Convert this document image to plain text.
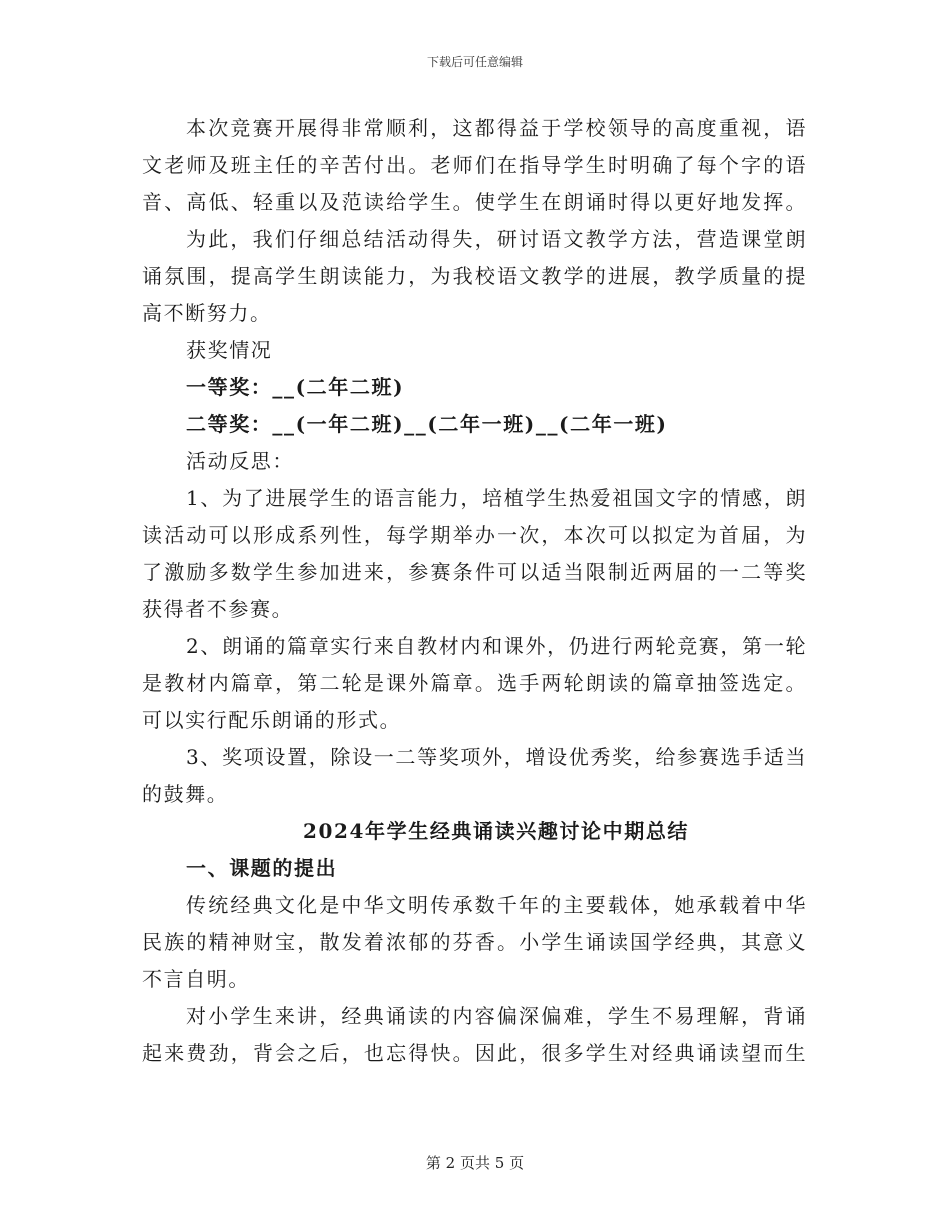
下载后可任意编辑
本次竞赛开展得非常顺利，这都得益于学校领导的高度重视，语
文老师及班主任的辛苦付出。老师们在指导学生时明确了每个字的语
音、高低、轻重以及范读给学生。使学生在朗诵时得以更好地发挥。
为此，我们仔细总结活动得失，研讨语文教学方法，营造课堂朗
诵氛围，提高学生朗读能力，为我校语文教学的进展，教学质量的提
高不断努力。
获奖情况
一等奖：__(二年二班)
二等奖：__(一年二班)__(二年一班)__(二年一班)
活动反思：
1、为了进展学生的语言能力，培植学生热爱祖国文字的情感，朗
读活动可以形成系列性，每学期举办一次，本次可以拟定为首届，为
了激励多数学生参加进来，参赛条件可以适当限制近两届的一二等奖
获得者不参赛。
2、朗诵的篇章实行来自教材内和课外，仍进行两轮竞赛，第一轮
是教材内篇章，第二轮是课外篇章。选手两轮朗读的篇章抽签选定。
可以实行配乐朗诵的形式。
3、奖项设置，除设一二等奖项外，增设优秀奖，给参赛选手适当
的鼓舞。
2024年学生经典诵读兴趣讨论中期总结
一、课题的提出
传统经典文化是中华文明传承数千年的主要载体，她承载着中华
民族的精神财宝，散发着浓郁的芬香。小学生诵读国学经典，其意义
不言自明。
对小学生来讲，经典诵读的内容偏深偏难，学生不易理解，背诵
起来费劲，背会之后，也忘得快。因此，很多学生对经典诵读望而生
第 2 页共 5 页
